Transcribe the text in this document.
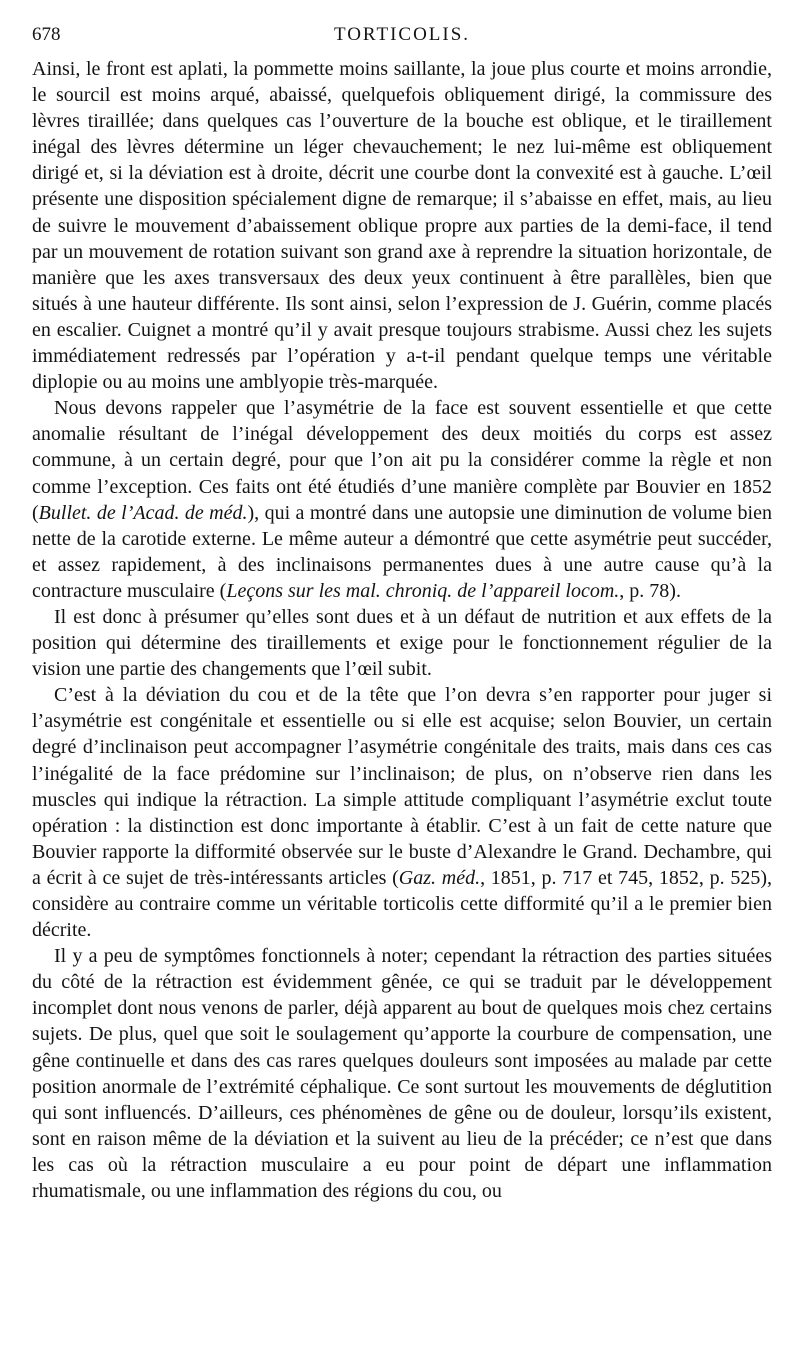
678	TORTICOLIS.

Ainsi, le front est aplati, la pommette moins saillante, la joue plus courte et moins arrondie, le sourcil est moins arqué, abaissé, quelquefois obliquement dirigé, la commissure des lèvres tiraillée; dans quelques cas l’ouverture de la bouche est oblique, et le tiraillement inégal des lèvres détermine un léger chevauchement; le nez lui-même est obliquement dirigé et, si la déviation est à droite, décrit une courbe dont la convexité est à gauche. L’œil présente une disposition spécialement digne de remarque; il s’abaisse en effet, mais, au lieu de suivre le mouvement d’abaissement oblique propre aux parties de la demi-face, il tend par un mouvement de rotation suivant son grand axe à reprendre la situation horizontale, de manière que les axes transversaux des deux yeux continuent à être parallèles, bien que situés à une hauteur différente. Ils sont ainsi, selon l’expression de J. Guérin, comme placés en escalier. Cuignet a montré qu’il y avait presque toujours strabisme. Aussi chez les sujets immédiatement redressés par l’opération y a-t-il pendant quelque temps une véritable diplopie ou au moins une amblyopie très-marquée.

Nous devons rappeler que l’asymétrie de la face est souvent essentielle et que cette anomalie résultant de l’inégal développement des deux moitiés du corps est assez commune, à un certain degré, pour que l’on ait pu la considérer comme la règle et non comme l’exception. Ces faits ont été étudiés d’une manière complète par Bouvier en 1852 (Bullet. de l’Acad. de méd.), qui a montré dans une autopsie une diminution de volume bien nette de la carotide externe. Le même auteur a démontré que cette asymétrie peut succéder, et assez rapidement, à des inclinaisons permanentes dues à une autre cause qu’à la contracture musculaire (Leçons sur les mal. chroniq. de l’appareil locom., p. 78).

Il est donc à présumer qu’elles sont dues et à un défaut de nutrition et aux effets de la position qui détermine des tiraillements et exige pour le fonctionnement régulier de la vision une partie des changements que l’œil subit.

C’est à la déviation du cou et de la tête que l’on devra s’en rapporter pour juger si l’asymétrie est congénitale et essentielle ou si elle est acquise; selon Bouvier, un certain degré d’inclinaison peut accompagner l’asymétrie congénitale des traits, mais dans ces cas l’inégalité de la face prédomine sur l’inclinaison; de plus, on n’observe rien dans les muscles qui indique la rétraction. La simple attitude compliquant l’asymétrie exclut toute opération : la distinction est donc importante à établir. C’est à un fait de cette nature que Bouvier rapporte la difformité observée sur le buste d’Alexandre le Grand. Dechambre, qui a écrit à ce sujet de très-intéressants articles (Gaz. méd., 1851, p. 717 et 745, 1852, p. 525), considère au contraire comme un véritable torticolis cette difformité qu’il a le premier bien décrite.

Il y a peu de symptômes fonctionnels à noter; cependant la rétraction des parties situées du côté de la rétraction est évidemment gênée, ce qui se traduit par le développement incomplet dont nous venons de parler, déjà apparent au bout de quelques mois chez certains sujets. De plus, quel que soit le soulagement qu’apporte la courbure de compensation, une gêne continuelle et dans des cas rares quelques douleurs sont imposées au malade par cette position anormale de l’extrémité céphalique. Ce sont surtout les mouvements de déglutition qui sont influencés. D’ailleurs, ces phénomènes de gêne ou de douleur, lorsqu’ils existent, sont en raison même de la déviation et la suivent au lieu de la précéder; ce n’est que dans les cas où la rétraction musculaire a eu pour point de départ une inflammation rhumatismale, ou une inflammation des régions du cou, ou
